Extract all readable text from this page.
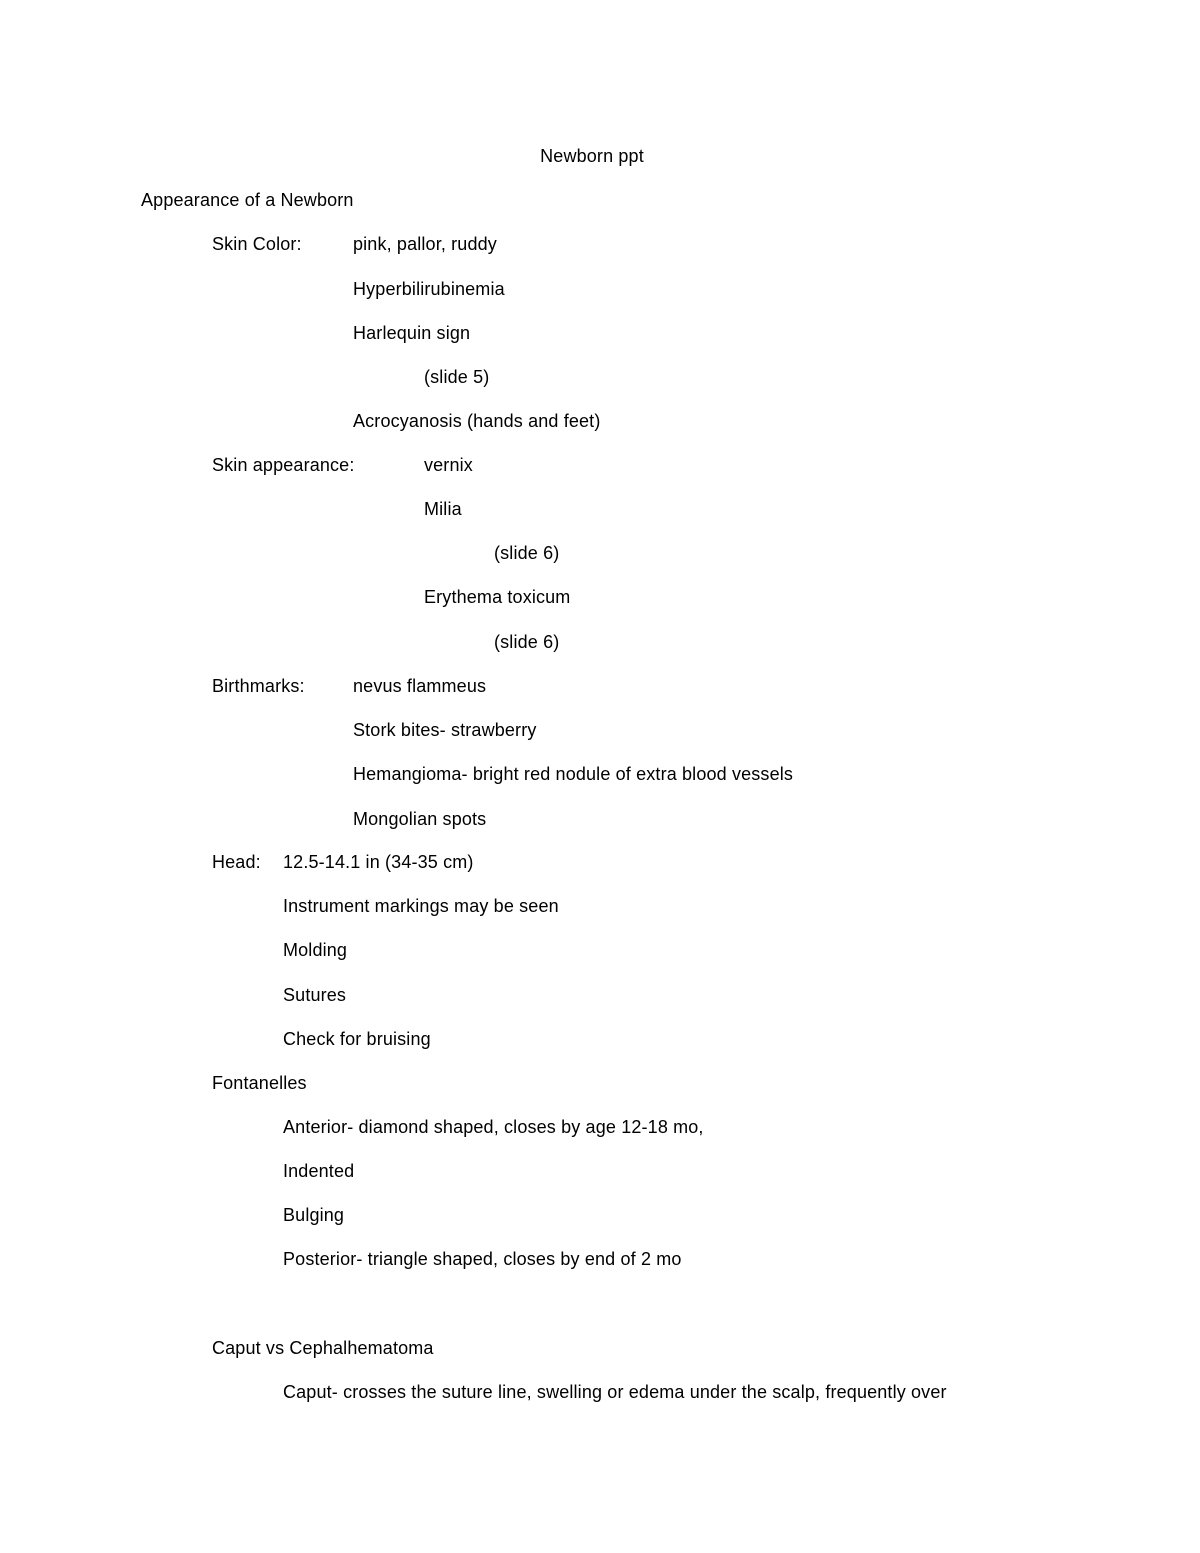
Newborn ppt
Appearance of a Newborn
Skin Color:	pink, pallor, ruddy
Hyperbilirubinemia
Harlequin sign
(slide 5)
Acrocyanosis (hands and feet)
Skin appearance:	vernix
Milia
(slide 6)
Erythema toxicum
(slide 6)
Birthmarks:	nevus flammeus
Stork bites- strawberry
Hemangioma- bright red nodule of extra blood vessels
Mongolian spots
Head: 12.5-14.1 in (34-35 cm)
Instrument markings may be seen
Molding
Sutures
Check for bruising
Fontanelles
Anterior- diamond shaped, closes by age 12-18 mo,
Indented
Bulging
Posterior- triangle shaped, closes by end of 2 mo
Caput vs Cephalhematoma
Caput- crosses the suture line, swelling or edema under the scalp, frequently over
